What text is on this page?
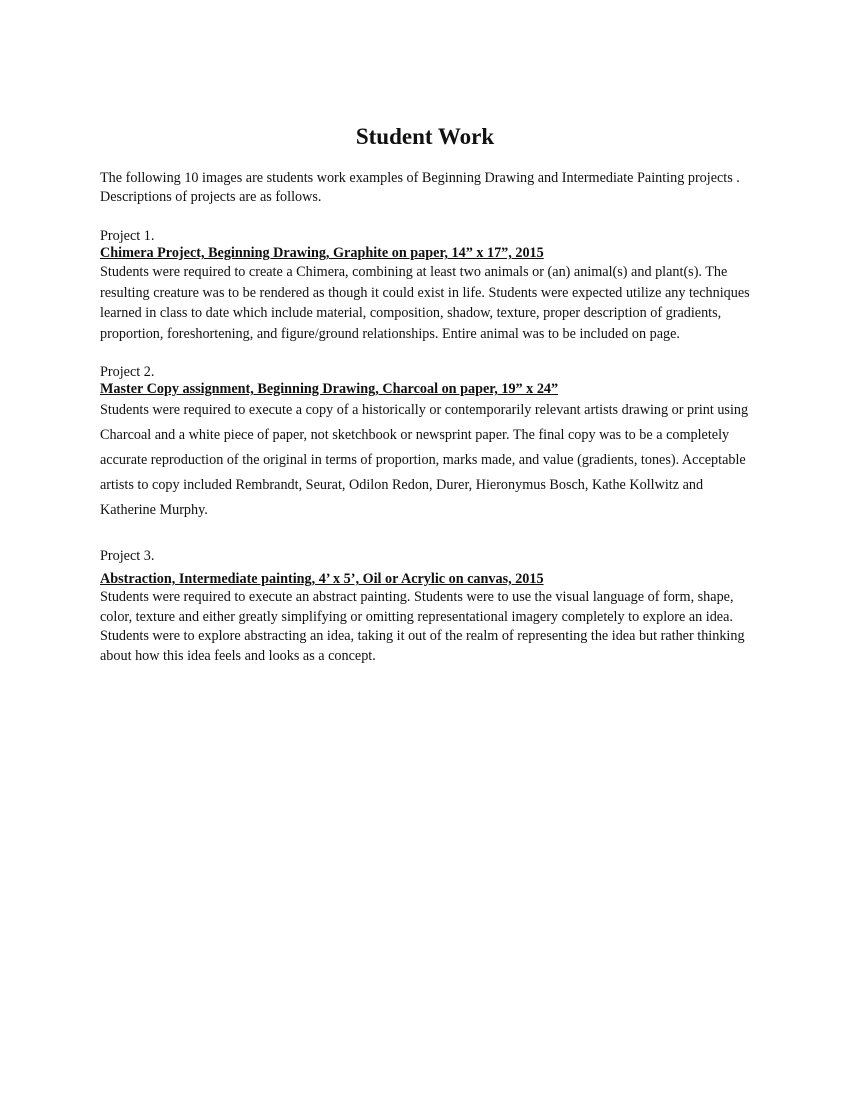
Student Work
The following 10 images are students work examples of Beginning Drawing and Intermediate Painting projects . Descriptions of projects are as follows.
Project 1.
Chimera Project, Beginning Drawing, Graphite on paper, 14” x 17”, 2015
Students were required to create a Chimera, combining at least two animals or (an) animal(s) and plant(s). The resulting creature was to be rendered as though it could exist in life. Students were expected utilize any techniques learned in class to date which include material, composition, shadow, texture, proper description of gradients, proportion, foreshortening, and figure/ground relationships. Entire animal was to be included on page.
Project 2.
Master Copy assignment, Beginning Drawing, Charcoal on paper, 19” x 24”
Students were required to execute a copy of a historically or contemporarily relevant artists drawing or print using Charcoal and a white piece of paper, not sketchbook or newsprint paper. The final copy was to be a completely accurate reproduction of the original in terms of proportion, marks made, and value (gradients, tones). Acceptable artists to copy included Rembrandt, Seurat, Odilon Redon, Durer, Hieronymus Bosch, Kathe Kollwitz and Katherine Murphy.
Project 3.
Abstraction, Intermediate painting, 4’ x 5’, Oil or Acrylic on canvas, 2015
Students were required to execute an abstract painting. Students were to use the visual language of form, shape, color, texture and either greatly simplifying or omitting representational imagery completely to explore an idea. Students were to explore abstracting an idea, taking it out of the realm of representing the idea but rather thinking about how this idea feels and looks as a concept.
